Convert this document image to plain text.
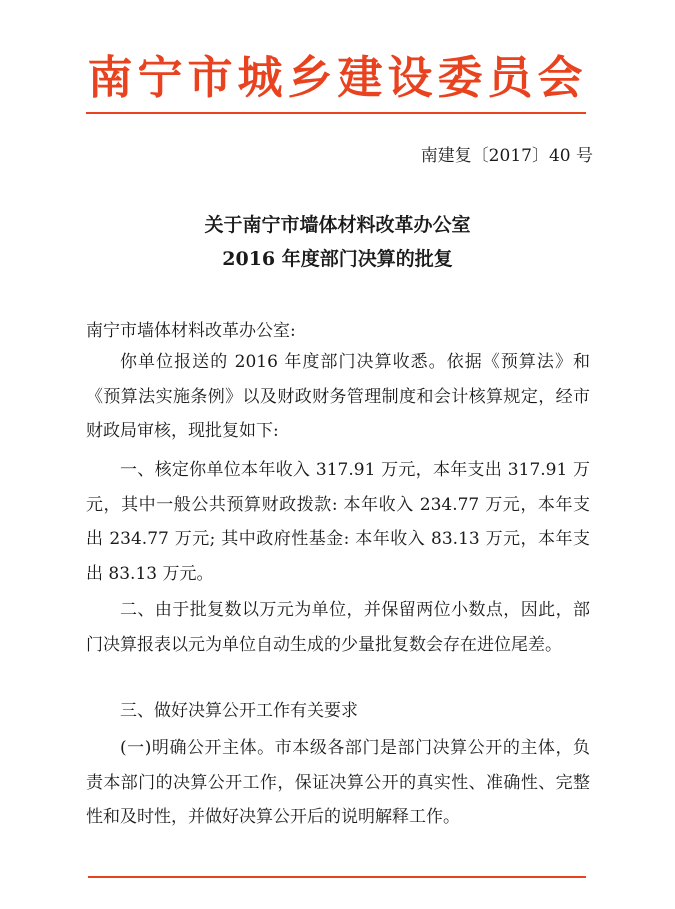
南宁市城乡建设委员会
南建复〔2017〕40 号
关于南宁市墙体材料改革办公室
2016 年度部门决算的批复
南宁市墙体材料改革办公室:

你单位报送的 2016 年度部门决算收悉。依据《预算法》和《预算法实施条例》以及财政财务管理制度和会计核算规定，经市财政局审核，现批复如下:

一、核定你单位本年收入 317.91 万元，本年支出 317.91 万元，其中一般公共预算财政拨款: 本年收入 234.77 万元，本年支出 234.77 万元; 其中政府性基金: 本年收入 83.13 万元，本年支出 83.13 万元。

二、由于批复数以万元为单位，并保留两位小数点，因此，部门决算报表以元为单位自动生成的少量批复数会存在进位尾差。

三、做好决算公开工作有关要求

(一)明确公开主体。市本级各部门是部门决算公开的主体，负责本部门的决算公开工作，保证决算公开的真实性、准确性、完整性和及时性，并做好决算公开后的说明解释工作。
